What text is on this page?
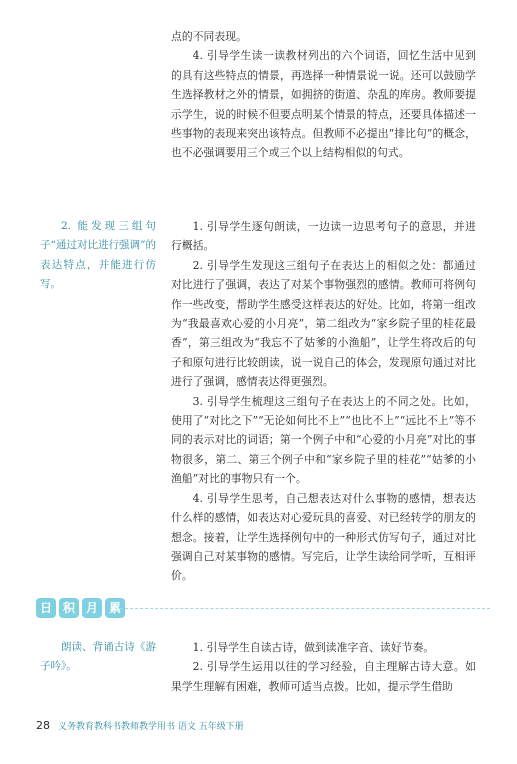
点的不同表现。

4. 引导学生读一读教材列出的六个词语，回忆生活中见到的具有这些特点的情景，再选择一种情景说一说。还可以鼓励学生选择教材之外的情景，如拥挤的街道、杂乱的库房。教师要提示学生，说的时候不但要点明某个情景的特点，还要具体描述一些事物的表现来突出该特点。但教师不必提出“排比句”的概念，也不必强调要用三个或三个以上结构相似的句式。

2. 能发现三组句子“通过对比进行强调”的表达特点，并能进行仿写。

1. 引导学生逐句朗读，一边读一边思考句子的意思，并进行概括。

2. 引导学生发现这三组句子在表达上的相似之处：都通过对比进行了强调，表达了对某个事物强烈的感情。教师可将例句作一些改变，帮助学生感受这样表达的好处。比如，将第一组改为“我最喜欢心爱的小月亮”，第二组改为“家乡院子里的桂花最香”，第三组改为“我忘不了姑爹的小渔船”，让学生将改后的句子和原句进行比较朗读，说一说自己的体会，发现原句通过对比进行了强调，感情表达得更强烈。

3. 引导学生梳理这三组句子在表达上的不同之处。比如，使用了“对比之下”“无论如何比不上”“也比不上”“远比不上”等不同的表示对比的词语；第一个例子中和“心爱的小月亮”对比的事物很多，第二、第三个例子中和“家乡院子里的桂花”“姑爹的小渔船”对比的事物只有一个。

4. 引导学生思考，自己想表达对什么事物的感情，想表达什么样的感情，如表达对心爱玩具的喜爱、对已经转学的朋友的想念。接着，让学生选择例句中的一种形式仿写句子，通过对比强调自己对某事物的感情。写完后，让学生读给同学听，互相评价。

日 积 月 累

朗读、背诵古诗《游子吟》。

1. 引导学生自读古诗，做到读准字音、读好节奏。

2. 引导学生运用以往的学习经验，自主理解古诗大意。如果学生理解有困难，教师可适当点拨。比如，提示学生借助

28 义务教育教科书教师教学用书 语文 五年级下册
